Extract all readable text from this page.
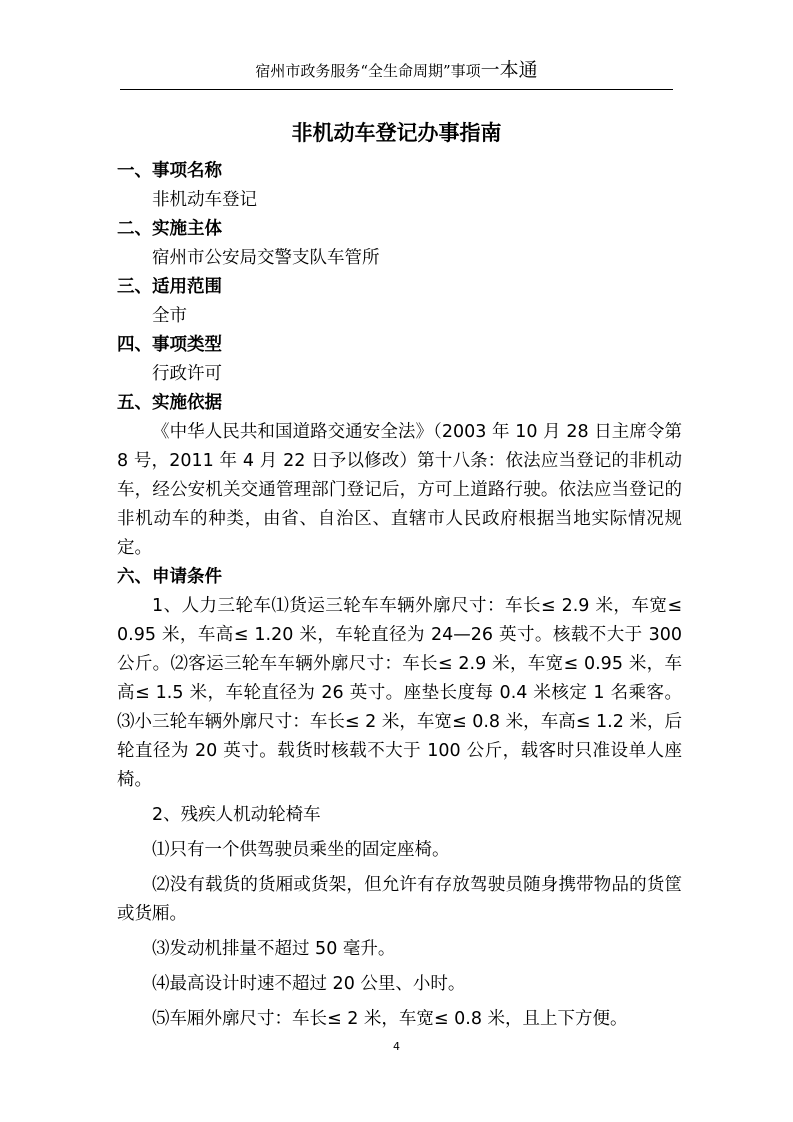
宿州市政务服务“全生命周期”事项一本通
非机动车登记办事指南
一、事项名称
非机动车登记
二、实施主体
宿州市公安局交警支队车管所
三、适用范围
全市
四、事项类型
行政许可
五、实施依据

《中华人民共和国道路交通安全法》（2003 年 10 月 28 日主席令第 8 号，2011 年 4 月 22 日予以修改）第十八条：依法应当登记的非机动车，经公安机关交通管理部门登记后，方可上道路行驶。依法应当登记的非机动车的种类，由省、自治区、直辖市人民政府根据当地实际情况规定。

六、申请条件

1、人力三轮车⑴货运三轮车车辆外廓尺寸：车长≤ 2.9 米，车宽≤ 0.95 米，车高≤ 1.20 米，车轮直径为 24—26 英寸。核载不大于 300 公斤。⑵客运三轮车车辆外廓尺寸：车长≤ 2.9 米，车宽≤ 0.95 米，车高≤ 1.5 米，车轮直径为 26 英寸。座垫长度每 0.4 米核定 1 名乘客。⑶小三轮车辆外廓尺寸：车长≤ 2 米，车宽≤ 0.8 米，车高≤ 1.2 米，后轮直径为 20 英寸。载货时核载不大于 100 公斤，载客时只准设单人座椅。

2、残疾人机动轮椅车

⑴只有一个供驾驶员乘坐的固定座椅。

⑵没有载货的货厢或货架，但允许有存放驾驶员随身携带物品的货筐或货厢。

⑶发动机排量不超过 50 毫升。

⑷最高设计时速不超过 20 公里、小时。

⑸车厢外廓尺寸：车长≤ 2 米，车宽≤ 0.8 米，且上下方便。

4
